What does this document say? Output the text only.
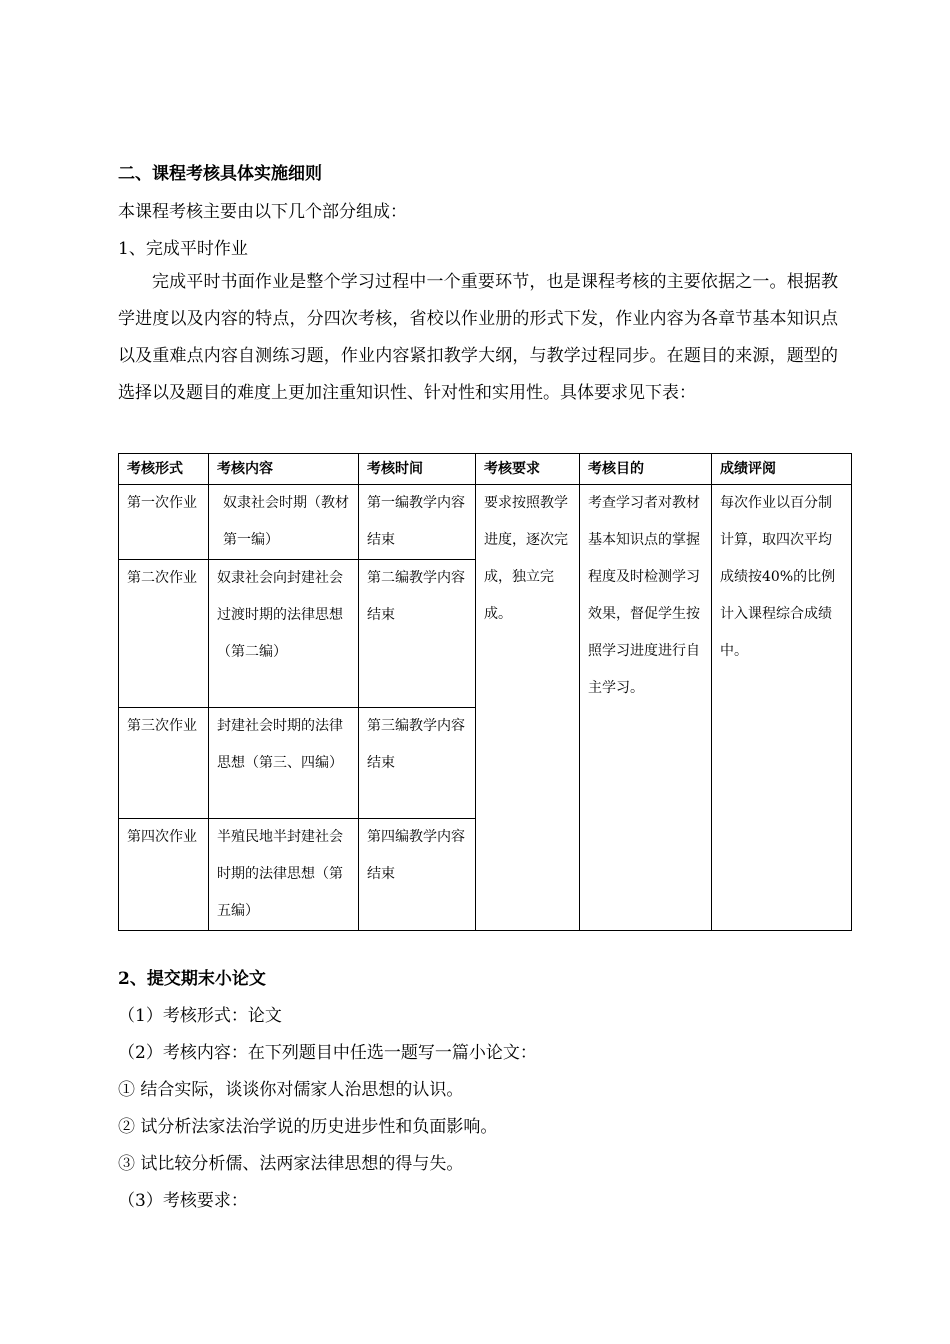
二、课程考核具体实施细则
本课程考核主要由以下几个部分组成：
1、完成平时作业
完成平时书面作业是整个学习过程中一个重要环节，也是课程考核的主要依据之一。根据教学进度以及内容的特点，分四次考核，省校以作业册的形式下发，作业内容为各章节基本知识点以及重难点内容自测练习题，作业内容紧扣教学大纲，与教学过程同步。在题目的来源，题型的选择以及题目的难度上更加注重知识性、针对性和实用性。具体要求见下表：
考核形式	考核内容	考核时间	考核要求	考核目的	成绩评阅
第一次作业	奴隶社会时期（教材第一编）	第一编教学内容结束	要求按照教学进度，逐次完成，独立完成。	考查学习者对教材基本知识点的掌握程度及时检测学习效果，督促学生按照学习进度进行自主学习。	每次作业以百分制计算，取四次平均成绩按40%的比例计入课程综合成绩中。
第二次作业	奴隶社会向封建社会过渡时期的法律思想（第二编）	第二编教学内容结束			
第三次作业	封建社会时期的法律思想（第三、四编）	第三编教学内容结束			
第四次作业	半殖民地半封建社会时期的法律思想（第五编）	第四编教学内容结束			
2、提交期末小论文
（1）考核形式：论文
（2）考核内容：在下列题目中任选一题写一篇小论文：
① 结合实际，谈谈你对儒家人治思想的认识。
② 试分析法家法治学说的历史进步性和负面影响。
③ 试比较分析儒、法两家法律思想的得与失。
（3）考核要求：
